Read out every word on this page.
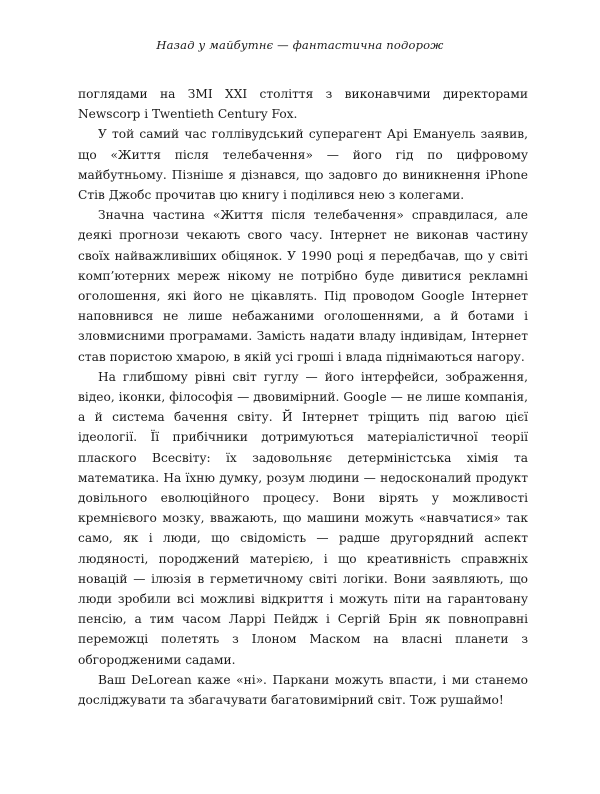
Назад у майбутнє — фантастична подорож

поглядами на ЗМІ XXI століття з виконавчими директорами Newscorp і Twentieth Century Fox.

У той самий час голлівудський суперагент Арі Емануель заявив, що «Життя після телебачення» — його гід по цифровому майбутньому. Пізніше я дізнався, що задовго до виникнення iPhone Стів Джобс прочитав цю книгу і поділився нею з колегами.

Значна частина «Життя після телебачення» справдилася, але деякі прогнози чекають свого часу. Інтернет не виконав частину своїх найважливіших обіцянок. У 1990 році я передбачав, що у світі комп’ютерних мереж нікому не потрібно буде дивитися рекламні оголошення, які його не цікавлять. Під проводом Google Інтернет наповнився не лише небажаними оголошеннями, а й ботами і зловмисними програмами. Замість надати владу індивідам, Інтернет став пористою хмарою, в якій усі гроші і влада піднімаються нагору.

На глибшому рівні світ гуглу — його інтерфейси, зображення, відео, іконки, філософія — двовимірний. Google — не лише компанія, а й система бачення світу. Й Інтернет тріщить під вагою цієї ідеології. Її прибічники дотримуються матеріалістичної теорії плаского Всесвіту: їх задовольняє детерміністська хімія та математика. На їхню думку, розум людини — недосконалий продукт довільного еволюційного процесу. Вони вірять у можливості кремнієвого мозку, вважають, що машини можуть «навчатися» так само, як і люди, що свідомість — радше другорядний аспект людяності, породжений матерією, і що креативність справжніх новацій — ілюзія в герметичному світі логіки. Вони заявляють, що люди зробили всі можливі відкриття і можуть піти на гарантовану пенсію, а тим часом Ларрі Пейдж і Сергій Брін як повноправні переможці полетять з Ілоном Маском на власні планети з обгородженими садами.

Ваш DeLorean каже «ні». Паркани можуть впасти, і ми станемо досліджувати та збагачувати багатовимірний світ. Тож рушаймо!
